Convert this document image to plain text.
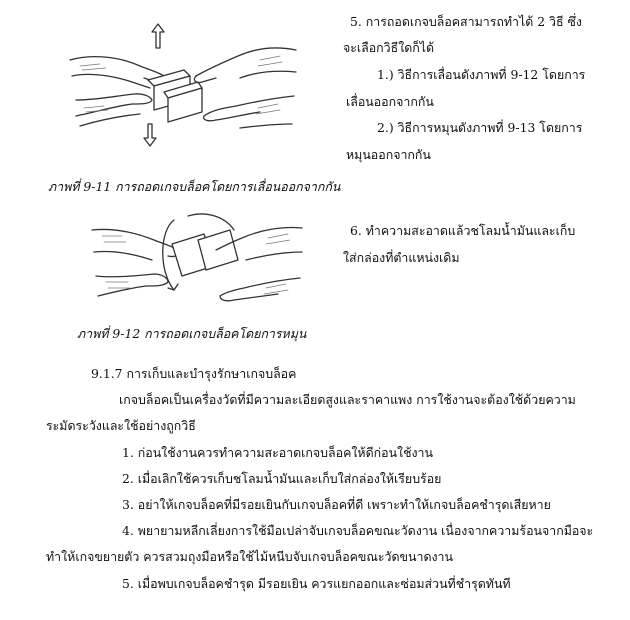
ภาพที่ 9-11 การถอดเกจบล็อคโดยการเลื่อนออกจากกัน
ภาพที่ 9-12 การถอดเกจบล็อคโดยการหมุน
5. การถอดเกจบล็อคสามารถทำได้ 2 วิธี ซึ่ง
จะเลือกวิธีใดก็ได้
1.) วิธีการเลื่อนดังภาพที่ 9-12 โดยการ
เลื่อนออกจากกัน
2.) วิธีการหมุนดังภาพที่ 9-13 โดยการ
หมุนออกจากกัน
6. ทำความสะอาดแล้วชโลมน้ำมันและเก็บ
ใส่กล่องที่ตำแหน่งเดิม
9.1.7 การเก็บและบำรุงรักษาเกจบล็อค
เกจบล็อคเป็นเครื่องวัดที่มีความละเอียดสูงและราคาแพง การใช้งานจะต้องใช้ด้วยความ
ระมัดระวังและใช้อย่างถูกวิธี
1. ก่อนใช้งานควรทำความสะอาดเกจบล็อคให้ดีก่อนใช้งาน
2. เมื่อเลิกใช้ควรเก็บชโลมน้ำมันและเก็บใส่กล่องให้เรียบร้อย
3. อย่าให้เกจบล็อคที่มีรอยเยินกับเกจบล็อคที่ดี เพราะทำให้เกจบล็อคชำรุดเสียหาย
4. พยายามหลีกเลี่ยงการใช้มือเปล่าจับเกจบล็อคขณะวัดงาน เนื่องจากความร้อนจากมือจะ
ทำให้เกจขยายตัว ควรสวมถุงมือหรือใช้ไม้หนีบจับเกจบล็อคขณะวัดขนาดงาน
5. เมื่อพบเกจบล็อคชำรุด มีรอยเยิน ควรแยกออกและซ่อมส่วนที่ชำรุดทันที
